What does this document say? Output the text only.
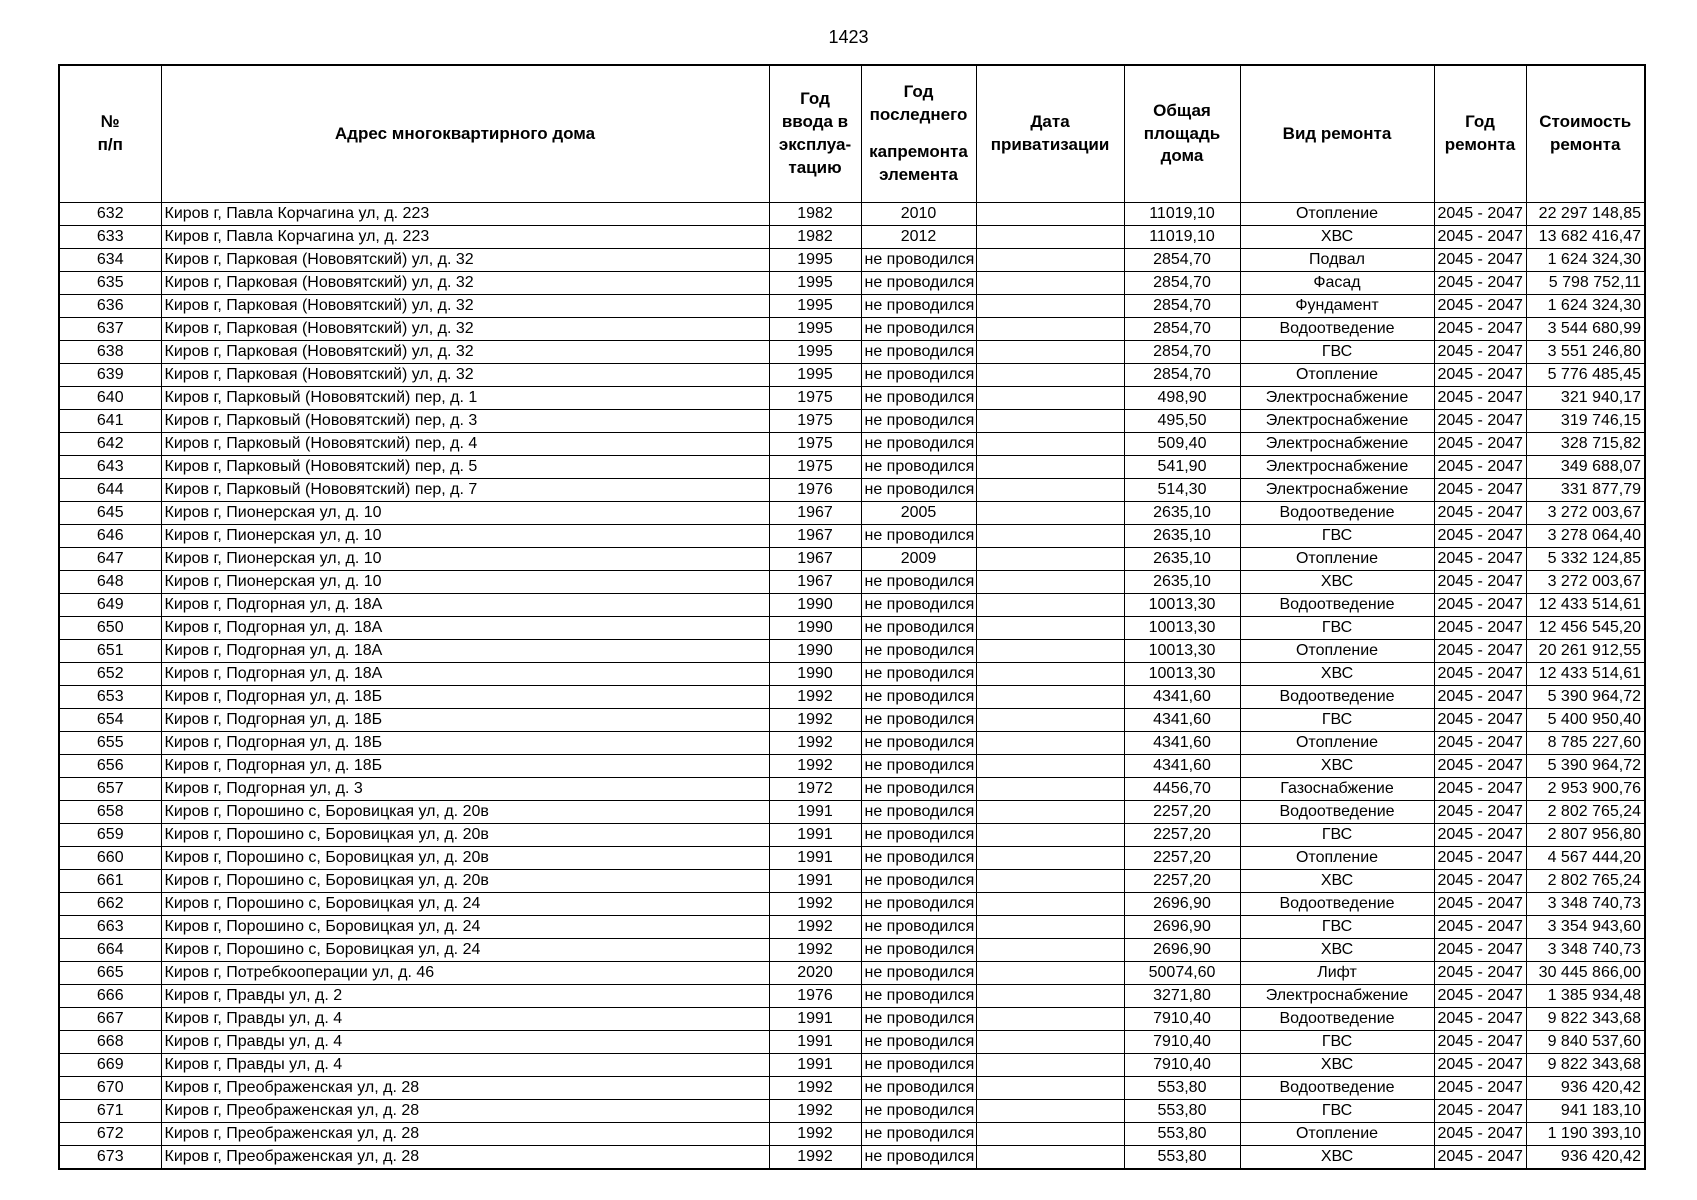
1423
№
п/п	Адрес многоквартирного дома	Год
ввода в
эксплуа-
тацию	Год
последнего
капремонта
элемента	Дата
приватизации	Общая
площадь
дома	Вид ремонта	Год
ремонта	Стоимость
ремонта

632	Киров г, Павла Корчагина ул, д. 223	1982	2010		11019,10	Отопление	2045 - 2047	22 297 148,85
633	Киров г, Павла Корчагина ул, д. 223	1982	2012		11019,10	ХВС	2045 - 2047	13 682 416,47
634	Киров г, Парковая (Нововятский) ул, д. 32	1995	не проводился		2854,70	Подвал	2045 - 2047	1 624 324,30
635	Киров г, Парковая (Нововятский) ул, д. 32	1995	не проводился		2854,70	Фасад	2045 - 2047	5 798 752,11
636	Киров г, Парковая (Нововятский) ул, д. 32	1995	не проводился		2854,70	Фундамент	2045 - 2047	1 624 324,30
637	Киров г, Парковая (Нововятский) ул, д. 32	1995	не проводился		2854,70	Водоотведение	2045 - 2047	3 544 680,99
638	Киров г, Парковая (Нововятский) ул, д. 32	1995	не проводился		2854,70	ГВС	2045 - 2047	3 551 246,80
639	Киров г, Парковая (Нововятский) ул, д. 32	1995	не проводился		2854,70	Отопление	2045 - 2047	5 776 485,45
640	Киров г, Парковый (Нововятский) пер, д. 1	1975	не проводился		498,90	Электроснабжение	2045 - 2047	321 940,17
641	Киров г, Парковый (Нововятский) пер, д. 3	1975	не проводился		495,50	Электроснабжение	2045 - 2047	319 746,15
642	Киров г, Парковый (Нововятский) пер, д. 4	1975	не проводился		509,40	Электроснабжение	2045 - 2047	328 715,82
643	Киров г, Парковый (Нововятский) пер, д. 5	1975	не проводился		541,90	Электроснабжение	2045 - 2047	349 688,07
644	Киров г, Парковый (Нововятский) пер, д. 7	1976	не проводился		514,30	Электроснабжение	2045 - 2047	331 877,79
645	Киров г, Пионерская ул, д. 10	1967	2005		2635,10	Водоотведение	2045 - 2047	3 272 003,67
646	Киров г, Пионерская ул, д. 10	1967	не проводился		2635,10	ГВС	2045 - 2047	3 278 064,40
647	Киров г, Пионерская ул, д. 10	1967	2009		2635,10	Отопление	2045 - 2047	5 332 124,85
648	Киров г, Пионерская ул, д. 10	1967	не проводился		2635,10	ХВС	2045 - 2047	3 272 003,67
649	Киров г, Подгорная ул, д. 18А	1990	не проводился		10013,30	Водоотведение	2045 - 2047	12 433 514,61
650	Киров г, Подгорная ул, д. 18А	1990	не проводился		10013,30	ГВС	2045 - 2047	12 456 545,20
651	Киров г, Подгорная ул, д. 18А	1990	не проводился		10013,30	Отопление	2045 - 2047	20 261 912,55
652	Киров г, Подгорная ул, д. 18А	1990	не проводился		10013,30	ХВС	2045 - 2047	12 433 514,61
653	Киров г, Подгорная ул, д. 18Б	1992	не проводился		4341,60	Водоотведение	2045 - 2047	5 390 964,72
654	Киров г, Подгорная ул, д. 18Б	1992	не проводился		4341,60	ГВС	2045 - 2047	5 400 950,40
655	Киров г, Подгорная ул, д. 18Б	1992	не проводился		4341,60	Отопление	2045 - 2047	8 785 227,60
656	Киров г, Подгорная ул, д. 18Б	1992	не проводился		4341,60	ХВС	2045 - 2047	5 390 964,72
657	Киров г, Подгорная ул, д. 3	1972	не проводился		4456,70	Газоснабжение	2045 - 2047	2 953 900,76
658	Киров г, Порошино с, Боровицкая ул, д. 20в	1991	не проводился		2257,20	Водоотведение	2045 - 2047	2 802 765,24
659	Киров г, Порошино с, Боровицкая ул, д. 20в	1991	не проводился		2257,20	ГВС	2045 - 2047	2 807 956,80
660	Киров г, Порошино с, Боровицкая ул, д. 20в	1991	не проводился		2257,20	Отопление	2045 - 2047	4 567 444,20
661	Киров г, Порошино с, Боровицкая ул, д. 20в	1991	не проводился		2257,20	ХВС	2045 - 2047	2 802 765,24
662	Киров г, Порошино с, Боровицкая ул, д. 24	1992	не проводился		2696,90	Водоотведение	2045 - 2047	3 348 740,73
663	Киров г, Порошино с, Боровицкая ул, д. 24	1992	не проводился		2696,90	ГВС	2045 - 2047	3 354 943,60
664	Киров г, Порошино с, Боровицкая ул, д. 24	1992	не проводился		2696,90	ХВС	2045 - 2047	3 348 740,73
665	Киров г, Потребкооперации ул, д. 46	2020	не проводился		50074,60	Лифт	2045 - 2047	30 445 866,00
666	Киров г, Правды ул, д. 2	1976	не проводился		3271,80	Электроснабжение	2045 - 2047	1 385 934,48
667	Киров г, Правды ул, д. 4	1991	не проводился		7910,40	Водоотведение	2045 - 2047	9 822 343,68
668	Киров г, Правды ул, д. 4	1991	не проводился		7910,40	ГВС	2045 - 2047	9 840 537,60
669	Киров г, Правды ул, д. 4	1991	не проводился		7910,40	ХВС	2045 - 2047	9 822 343,68
670	Киров г, Преображенская ул, д. 28	1992	не проводился		553,80	Водоотведение	2045 - 2047	936 420,42
671	Киров г, Преображенская ул, д. 28	1992	не проводился		553,80	ГВС	2045 - 2047	941 183,10
672	Киров г, Преображенская ул, д. 28	1992	не проводился		553,80	Отопление	2045 - 2047	1 190 393,10
673	Киров г, Преображенская ул, д. 28	1992	не проводился		553,80	ХВС	2045 - 2047	936 420,42
